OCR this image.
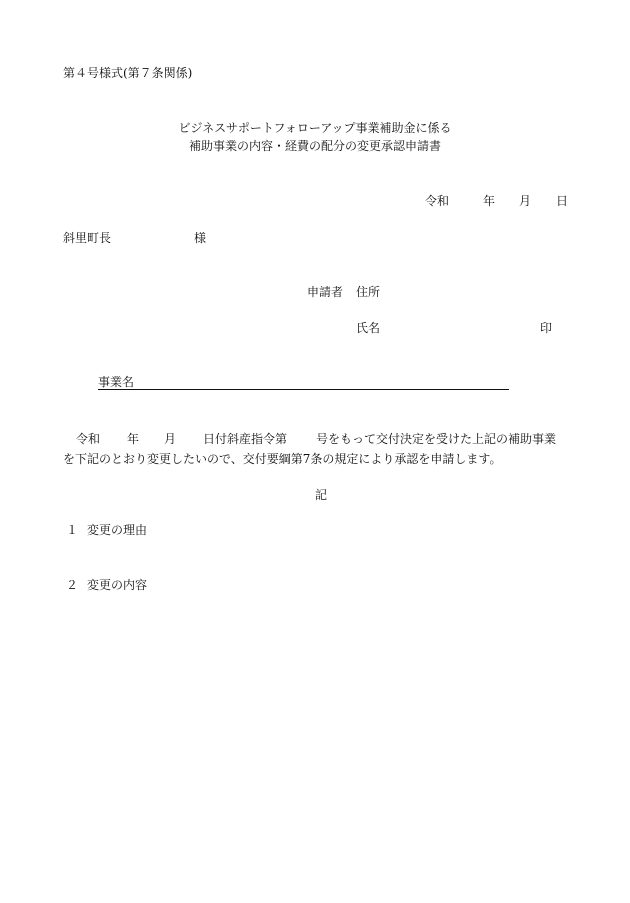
第４号様式(第７条関係)
ビジネスサポートフォローアップ事業補助金に係る
補助事業の内容・経費の配分の変更承認申請書
令和	年 月 日
斜里町長	様
申請者 住所
氏名	印
事業名
令和 年 月 日付斜産指令第 号をもって交付決定を受けた上記の補助事業
を下記のとおり変更したいので、交付要綱第7条の規定により承認を申請します。
記
１ 変更の理由
２ 変更の内容
